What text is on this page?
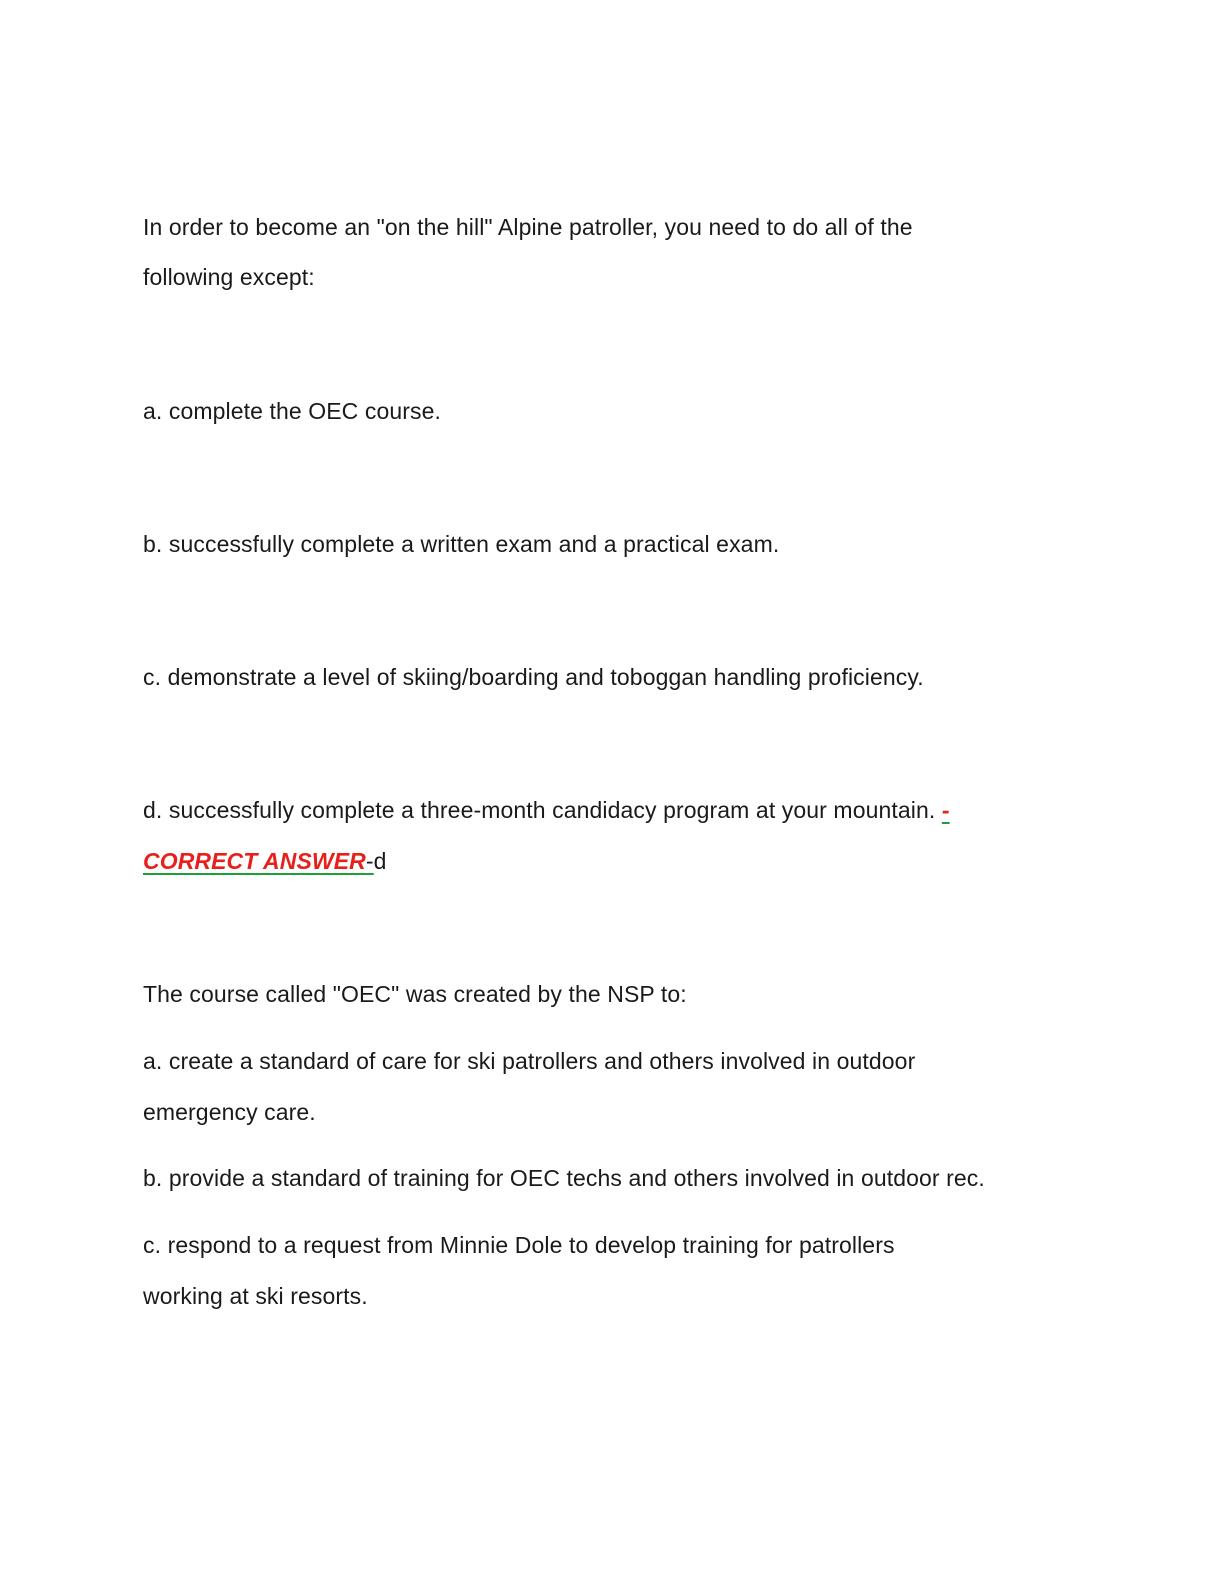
In order to become an "on the hill" Alpine patroller, you need to do all of the
following except:
a. complete the OEC course.
b. successfully complete a written exam and a practical exam.
c. demonstrate a level of skiing/boarding and toboggan handling proficiency.
d. successfully complete a three-month candidacy program at your mountain. -
CORRECT ANSWER-d
The course called "OEC" was created by the NSP to:
a. create a standard of care for ski patrollers and others involved in outdoor
emergency care.
b. provide a standard of training for OEC techs and others involved in outdoor rec.
c. respond to a request from Minnie Dole to develop training for patrollers
working at ski resorts.
